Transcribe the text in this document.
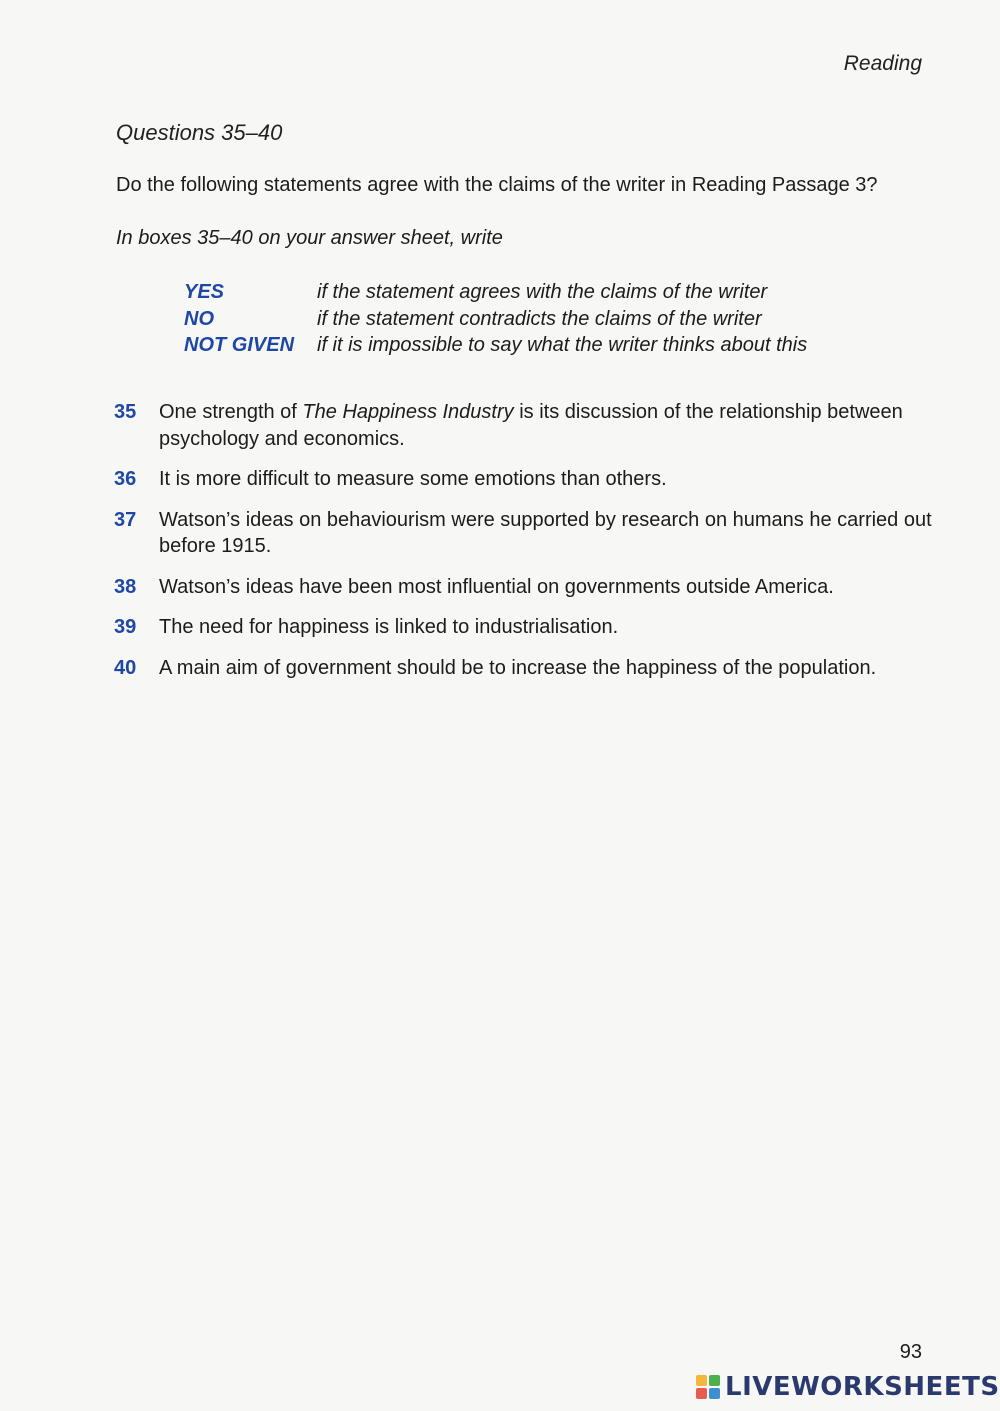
Reading
Questions 35–40
Do the following statements agree with the claims of the writer in Reading Passage 3?
In boxes 35–40 on your answer sheet, write
YES	if the statement agrees with the claims of the writer
NO	if the statement contradicts the claims of the writer
NOT GIVEN	if it is impossible to say what the writer thinks about this
35	One strength of The Happiness Industry is its discussion of the relationship between psychology and economics.
36	It is more difficult to measure some emotions than others.
37	Watson’s ideas on behaviourism were supported by research on humans he carried out before 1915.
38	Watson’s ideas have been most influential on governments outside America.
39	The need for happiness is linked to industrialisation.
40	A main aim of government should be to increase the happiness of the population.
93
LIVEWORKSHEETS
